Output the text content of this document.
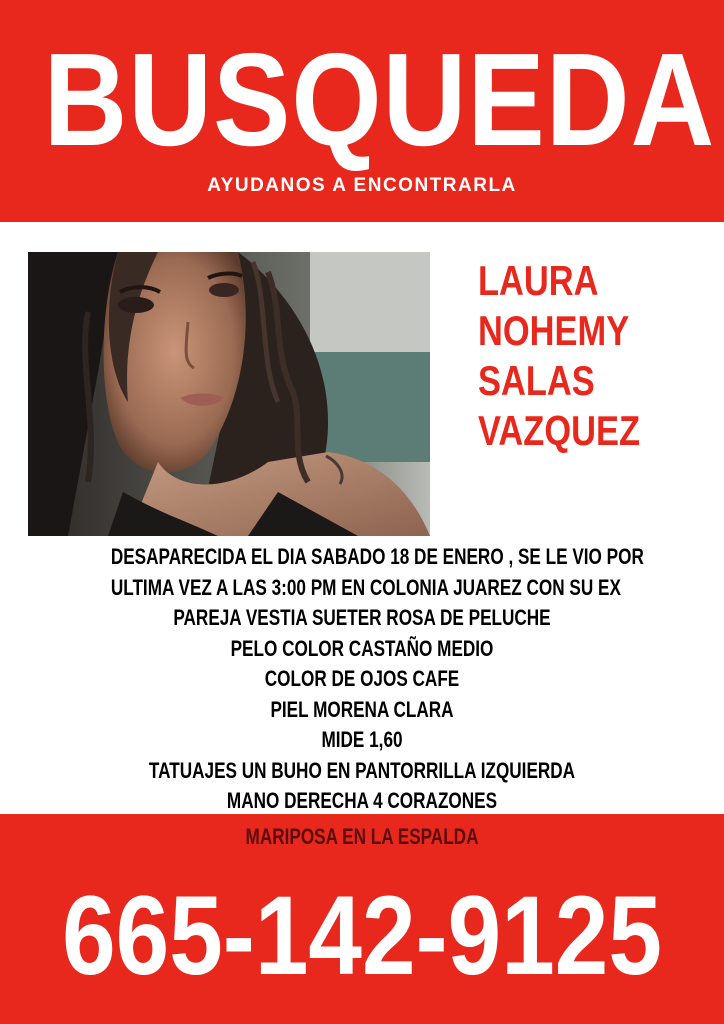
BUSQUEDA
AYUDANOS A ENCONTRARLA
LAURA
NOHEMY
SALAS
VAZQUEZ
DESAPARECIDA EL DIA SABADO 18 DE ENERO , SE LE VIO POR
ULTIMA VEZ A LAS 3:00 PM EN COLONIA JUAREZ CON SU EX
PAREJA VESTIA SUETER ROSA DE PELUCHE
PELO COLOR CASTAÑO MEDIO
COLOR DE OJOS CAFE
PIEL MORENA CLARA
MIDE 1,60
TATUAJES UN BUHO EN PANTORRILLA IZQUIERDA
MANO DERECHA 4 CORAZONES
MARIPOSA EN LA ESPALDA
665-142-9125
